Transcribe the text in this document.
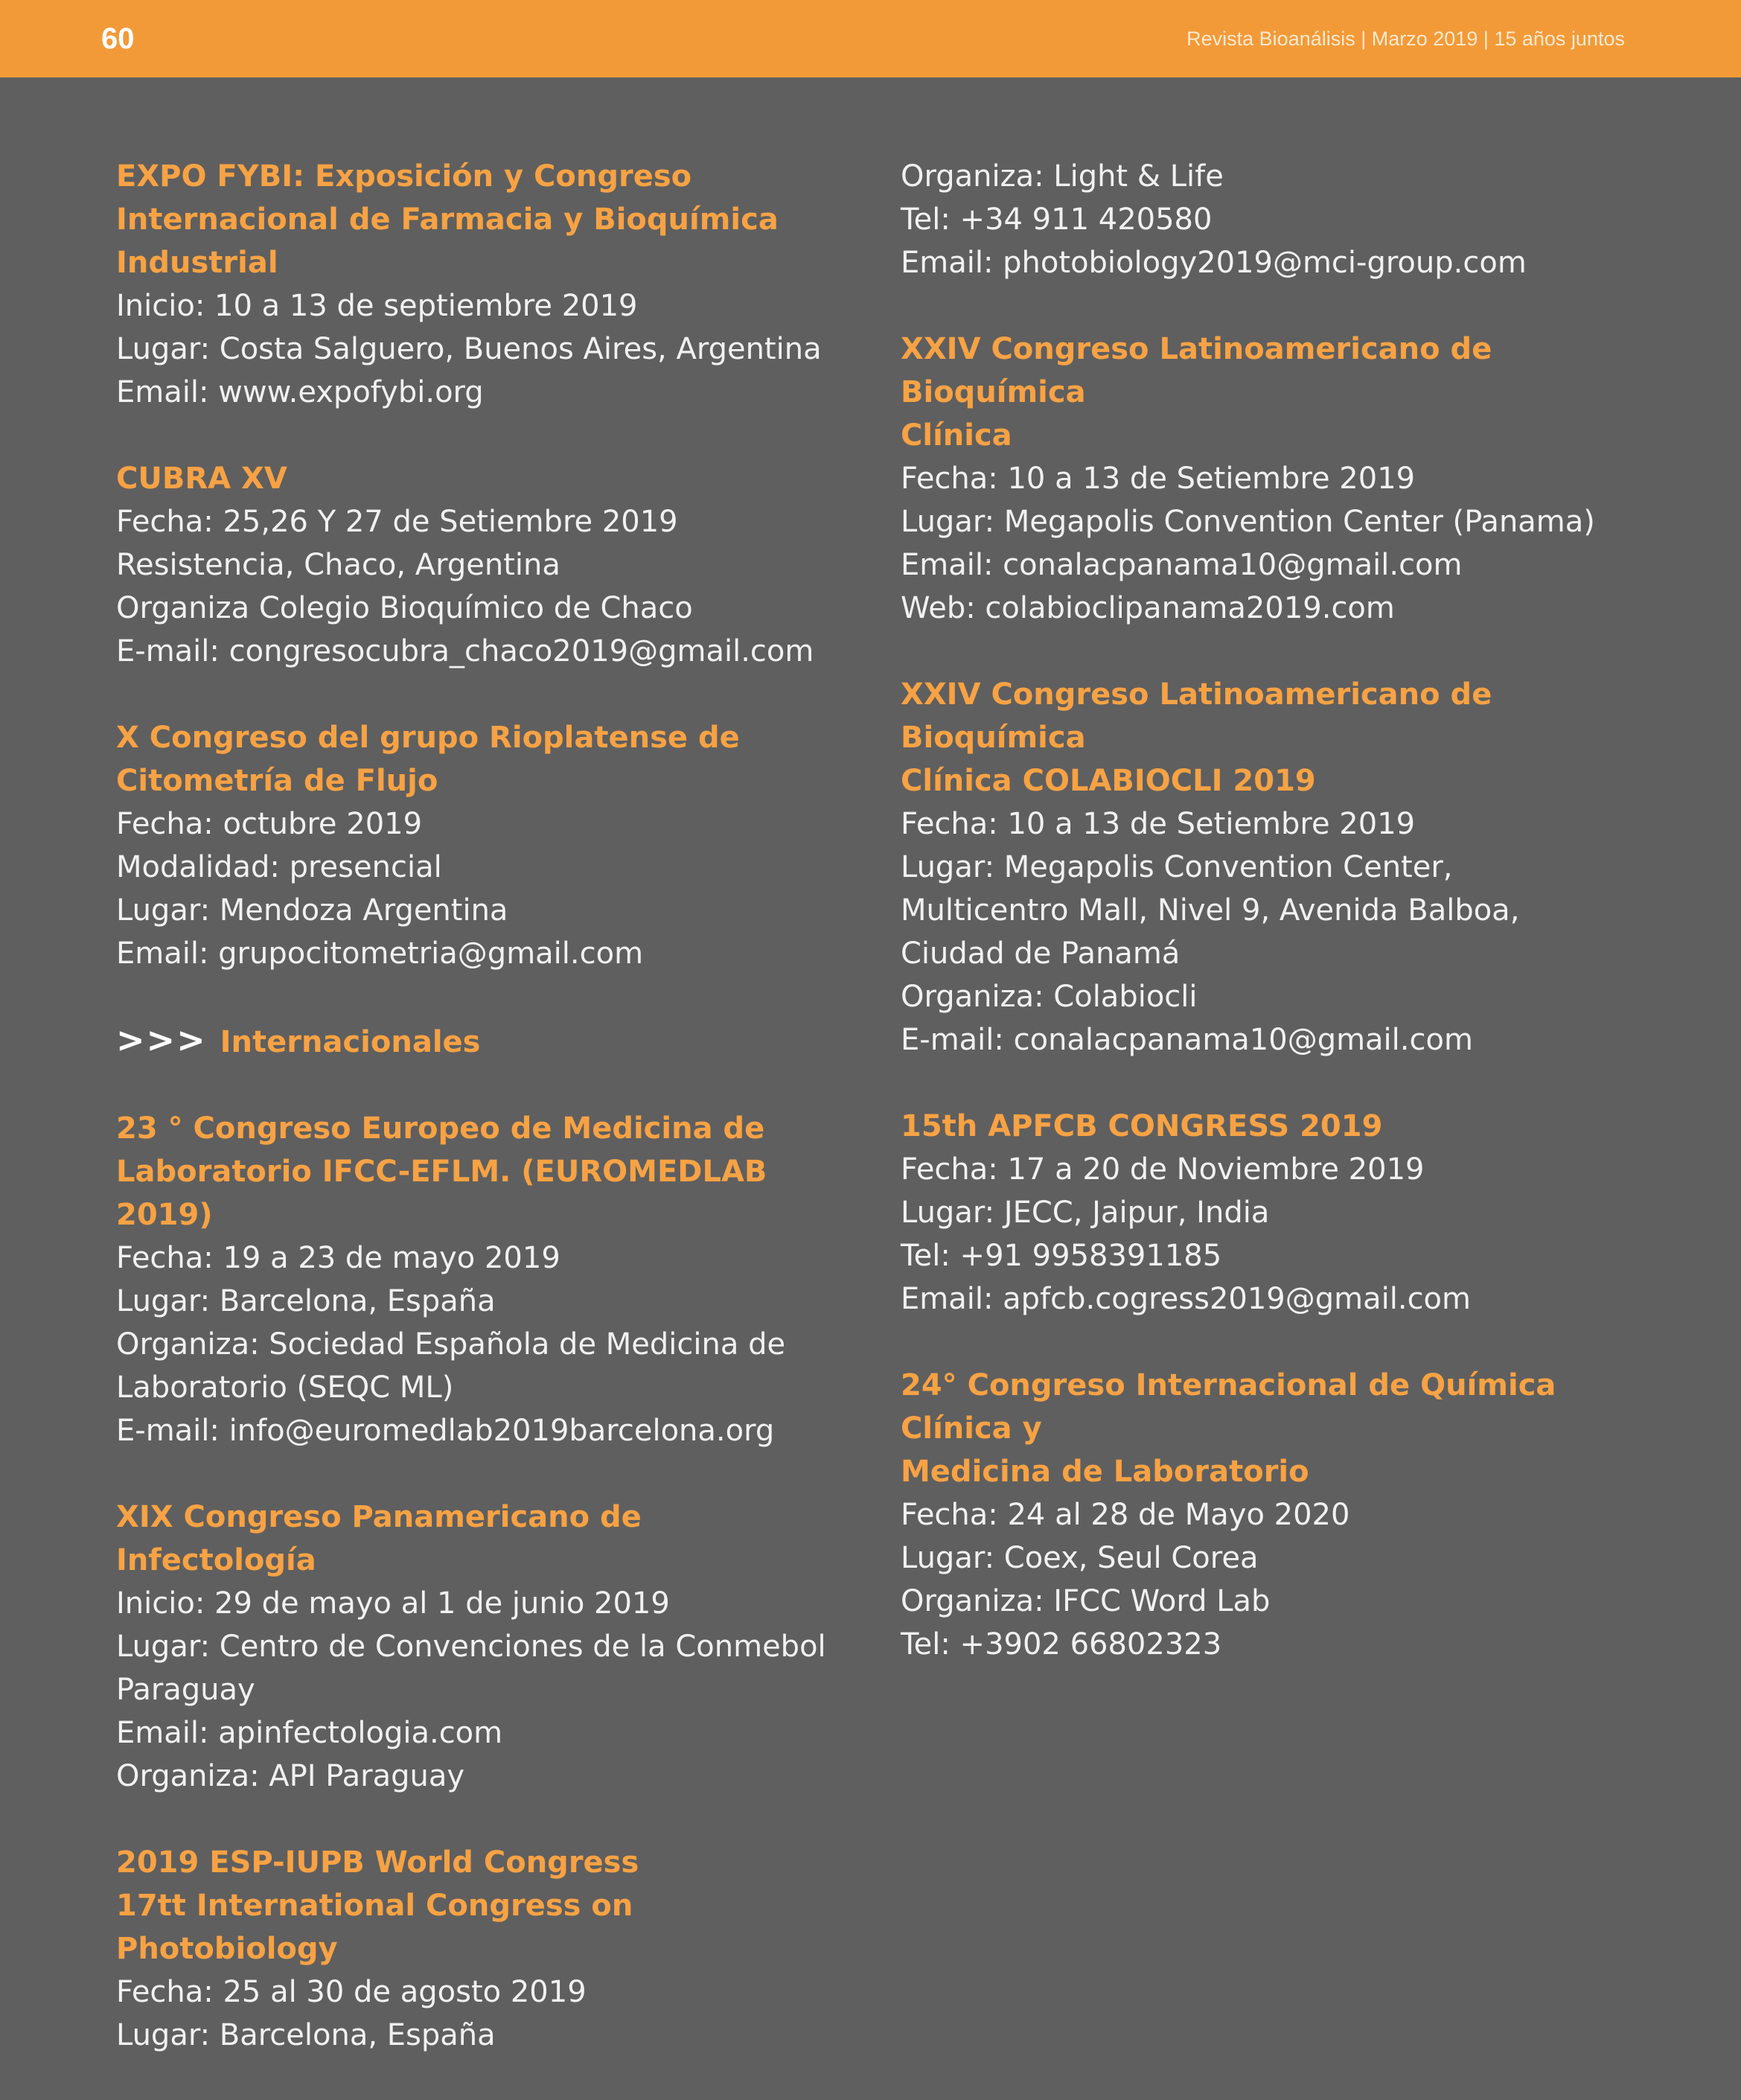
60	Revista Bioanálisis | Marzo 2019 | 15 años juntos
EXPO FYBI: Exposición y Congreso
Internacional de Farmacia y Bioquímica
Industrial
Inicio: 10 a 13 de septiembre 2019
Lugar: Costa Salguero, Buenos Aires, Argentina
Email: www.expofybi.org
CUBRA XV
Fecha: 25,26 Y 27 de Setiembre 2019
Resistencia, Chaco, Argentina
Organiza Colegio Bioquímico de Chaco
E-mail: congresocubra_chaco2019@gmail.com
X Congreso del grupo Rioplatense de
Citometría de Flujo
Fecha: octubre 2019
Modalidad: presencial
Lugar: Mendoza Argentina
Email: grupocitometria@gmail.com
>>> Internacionales
23 ° Congreso Europeo de Medicina de
Laboratorio IFCC-EFLM. (EUROMEDLAB 2019)
Fecha: 19 a 23 de mayo 2019
Lugar: Barcelona, España
Organiza: Sociedad Española de Medicina de
Laboratorio (SEQC ML)
E-mail: info@euromedlab2019barcelona.org
XIX Congreso Panamericano de Infectología
Inicio: 29 de mayo al 1 de junio 2019
Lugar: Centro de Convenciones de la Conmebol
Paraguay
Email: apinfectologia.com
Organiza: API Paraguay
2019 ESP-IUPB World Congress
17tt International Congress on Photobiology
Fecha: 25 al 30 de agosto 2019
Lugar: Barcelona, España
Organiza: Light & Life
Tel: +34 911 420580
Email: photobiology2019@mci-group.com
XXIV Congreso Latinoamericano de Bioquímica
Clínica
Fecha: 10 a 13 de Setiembre 2019
Lugar: Megapolis Convention Center (Panama)
Email: conalacpanama10@gmail.com
Web: colabioclipanama2019.com
XXIV Congreso Latinoamericano de Bioquímica
Clínica COLABIOCLI 2019
Fecha: 10 a 13 de Setiembre 2019
Lugar: Megapolis Convention Center,
Multicentro Mall, Nivel 9, Avenida Balboa,
Ciudad de Panamá
Organiza: Colabiocli
E-mail: conalacpanama10@gmail.com
15th APFCB CONGRESS 2019
Fecha: 17 a 20 de Noviembre 2019
Lugar: JECC, Jaipur, India
Tel: +91 9958391185
Email: apfcb.cogress2019@gmail.com
24° Congreso Internacional de Química Clínica y
Medicina de Laboratorio
Fecha: 24 al 28 de Mayo 2020
Lugar: Coex, Seul Corea
Organiza: IFCC Word Lab
Tel: +3902 66802323
